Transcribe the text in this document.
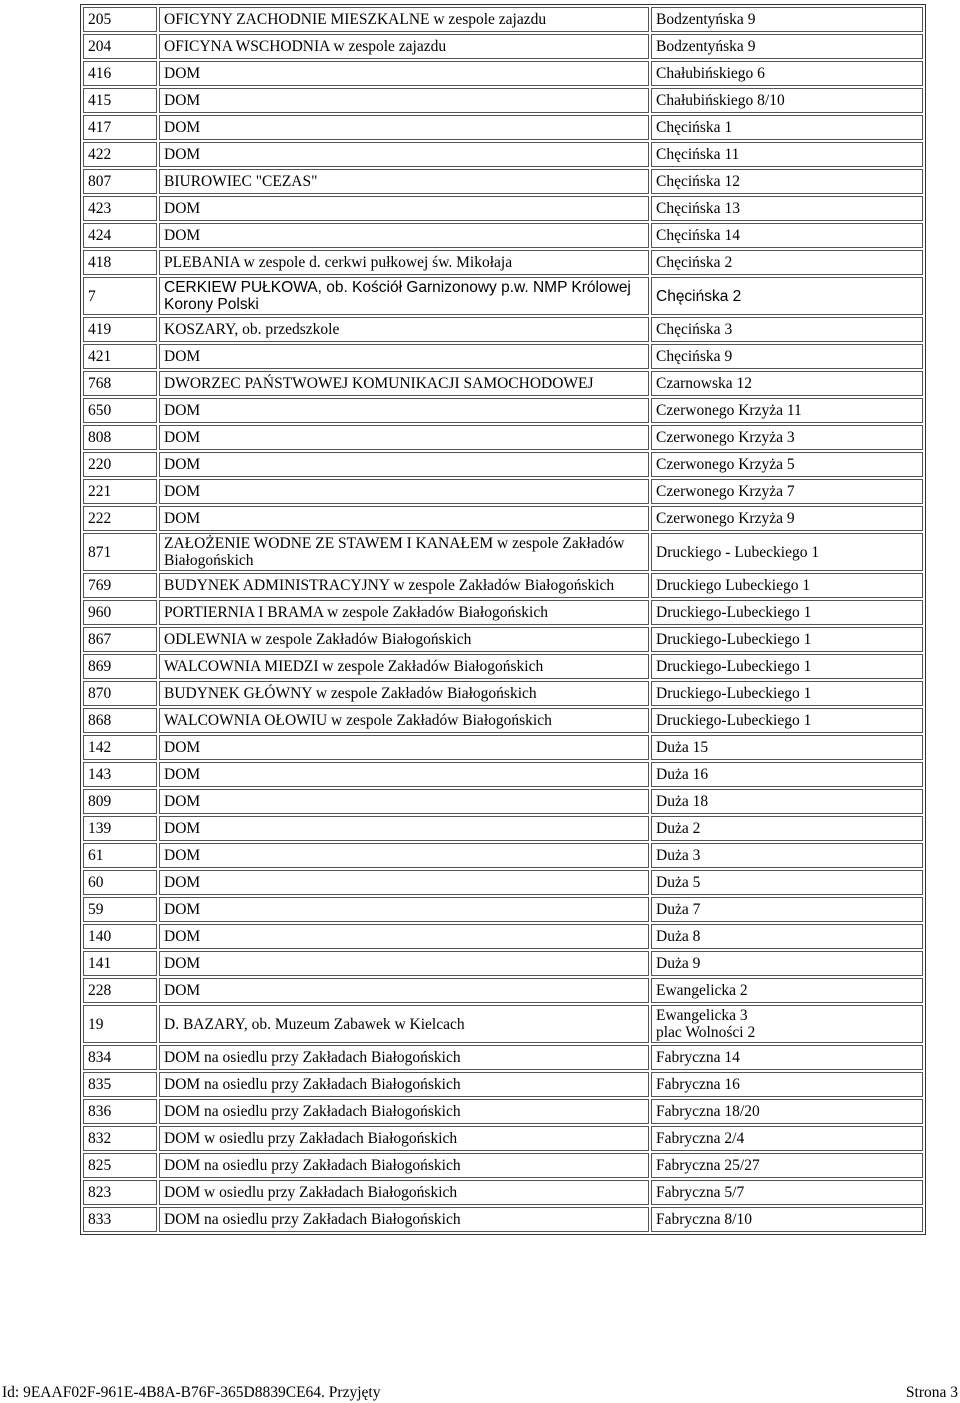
205	OFICYNY ZACHODNIE MIESZKALNE w zespole zajazdu	Bodzentyńska 9
204	OFICYNA WSCHODNIA w zespole zajazdu	Bodzentyńska 9
416	DOM	Chałubińskiego 6
415	DOM	Chałubińskiego 8/10
417	DOM	Chęcińska 1
422	DOM	Chęcińska 11
807	BIUROWIEC "CEZAS"	Chęcińska 12
423	DOM	Chęcińska 13
424	DOM	Chęcińska 14
418	PLEBANIA w zespole d. cerkwi pułkowej św. Mikołaja	Chęcińska 2
7	CERKIEW PUŁKOWA, ob. Kościół Garnizonowy p.w. NMP Królowej Korony Polski	Chęcińska 2
419	KOSZARY, ob. przedszkole	Chęcińska 3
421	DOM	Chęcińska 9
768	DWORZEC PAŃSTWOWEJ KOMUNIKACJI SAMOCHODOWEJ	Czarnowska 12
650	DOM	Czerwonego Krzyża 11
808	DOM	Czerwonego Krzyża 3
220	DOM	Czerwonego Krzyża 5
221	DOM	Czerwonego Krzyża 7
222	DOM	Czerwonego Krzyża 9
871	ZAŁOŻENIE WODNE ZE STAWEM I KANAŁEM w zespole Zakładów Białogońskich	Druckiego - Lubeckiego 1
769	BUDYNEK ADMINISTRACYJNY w zespole Zakładów Białogońskich	Druckiego Lubeckiego 1
960	PORTIERNIA I BRAMA w zespole Zakładów Białogońskich	Druckiego-Lubeckiego 1
867	ODLEWNIA w zespole Zakładów Białogońskich	Druckiego-Lubeckiego 1
869	WALCOWNIA MIEDZI w zespole Zakładów Białogońskich	Druckiego-Lubeckiego 1
870	BUDYNEK GŁÓWNY w zespole Zakładów Białogońskich	Druckiego-Lubeckiego 1
868	WALCOWNIA OŁOWIU w zespole Zakładów Białogońskich	Druckiego-Lubeckiego 1
142	DOM	Duża 15
143	DOM	Duża 16
809	DOM	Duża 18
139	DOM	Duża 2
61	DOM	Duża 3
60	DOM	Duża 5
59	DOM	Duża 7
140	DOM	Duża 8
141	DOM	Duża 9
228	DOM	Ewangelicka 2
19	D. BAZARY, ob. Muzeum Zabawek w Kielcach	Ewangelicka 3
plac Wolności 2
834	DOM na osiedlu przy Zakładach Białogońskich	Fabryczna 14
835	DOM na osiedlu przy Zakładach Białogońskich	Fabryczna 16
836	DOM na osiedlu przy Zakładach Białogońskich	Fabryczna 18/20
832	DOM w osiedlu przy Zakładach Białogońskich	Fabryczna 2/4
825	DOM na osiedlu przy Zakładach Białogońskich	Fabryczna 25/27
823	DOM w osiedlu przy Zakładach Białogońskich	Fabryczna 5/7
833	DOM na osiedlu przy Zakładach Białogońskich	Fabryczna 8/10
Id: 9EAAF02F-961E-4B8A-B76F-365D8839CE64. Przyjęty	Strona 3
